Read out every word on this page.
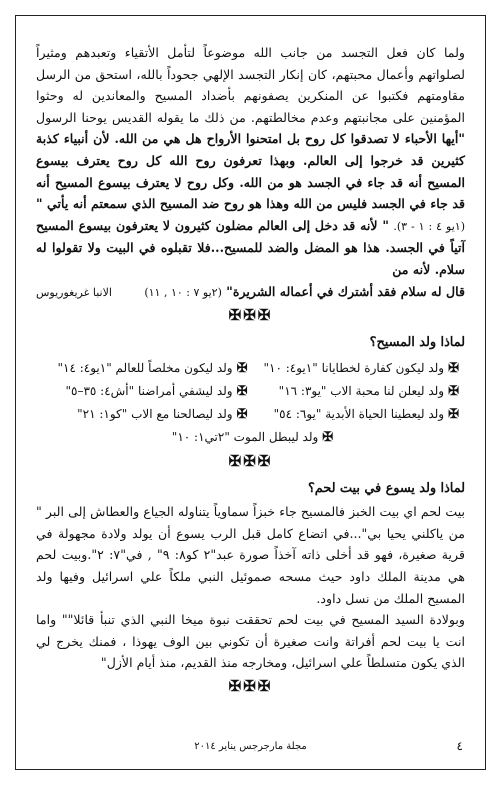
ولما كان فعل التجسد من جانب الله موضوعاً لتأمل الأتقياء وتعبدهم ومثيراً لصلواتهم وأعمال محبتهم، كان إنكار التجسد الإلهي جحوداً بالله، استحق من الرسل مقاومتهم فكتبوا عن المنكرين يصفونهم بأضداد المسيح والمعاندين له وحثوا المؤمنين على مجانبتهم وعدم مخالطتهم. من ذلك ما يقوله القديس يوحنا الرسول "أيها الأحباء لا تصدقوا كل روح بل امتحنوا الأرواح هل هي من الله. لأن أنبياء كذبة كثيرين قد خرجوا إلى العالم. وبهذا تعرفون روح الله كل روح يعترف بيسوع المسيح أنه قد جاء في الجسد هو من الله. وكل روح لا يعترف بيسوع المسيح أنه قد جاء في الجسد فليس من الله وهذا هو روح ضد المسيح الذي سمعتم أنه يأتي " (١يو ٤ : ١ - ٣). " لأنه قد دخل إلى العالم مضلون كثيرون لا يعترفون بيسوع المسيح آتياً في الجسد. هذا هو المضل والضد للمسيح...فلا تقبلوه في البيت ولا تقولوا له سلام. لأنه من

قال له سلام فقد أشترك في أعماله الشريرة" (٢يو ٧ : ١٠ , ١١)
الانبا غريغوريوس
✠✠✠
لماذا ولد المسيح؟
✠ولد ليكون كفارة لخطايانا "١يو٤: ١٠"
✠ولد ليكون مخلصاً للعالم "١يو٤: ١٤"
✠ولد ليعلن لنا محبة الاب "يو٣: ١٦"
✠ولد ليشفي أمراضنا "أش٤: ٣٥–٥"
✠ولد ليعطينا الحياة الأبدية "يو٦: ٥٤"
✠ولد ليصالحنا مع الاب "كو١: ٢١"
✠ولد ليبطل الموت "٢تي١: ١٠"
✠✠✠
لماذا ولد يسوع في بيت لحم؟

بيت لحم اي بيت الخبز فالمسيح جاء خبزاً سماوياً يتناوله الجياع والعطاش إلى البر " من ياكلني يحيا بي"...في اتضاع كامل قبل الرب يسوع أن يولد ولادة مجهولة في قرية صغيرة، فهو قد أخلى ذاته آخذاً صورة عبد"٢ كو٨: ٩" , في"٧: ٢".وبيت لحم هي مدينة الملك داود حيث مسحه صموئيل النبي ملكاً علي اسرائيل وفيها ولد المسيح الملك من نسل داود.

وبولادة السيد المسيح في بيت لحم تحققت نبوة ميخا النبي الذي تنبأ قائلا"" واما انت يا بيت لحم أفراتة وانت صغيرة أن تكوني بين الوف يهوذا ، فمنك يخرج لي الذي يكون متسلطاً علي اسرائيل، ومخارجه منذ القديم، منذ أيام الأزل"

✠✠✠
٤
مجلة مارجرجس يناير ٢٠١٤
